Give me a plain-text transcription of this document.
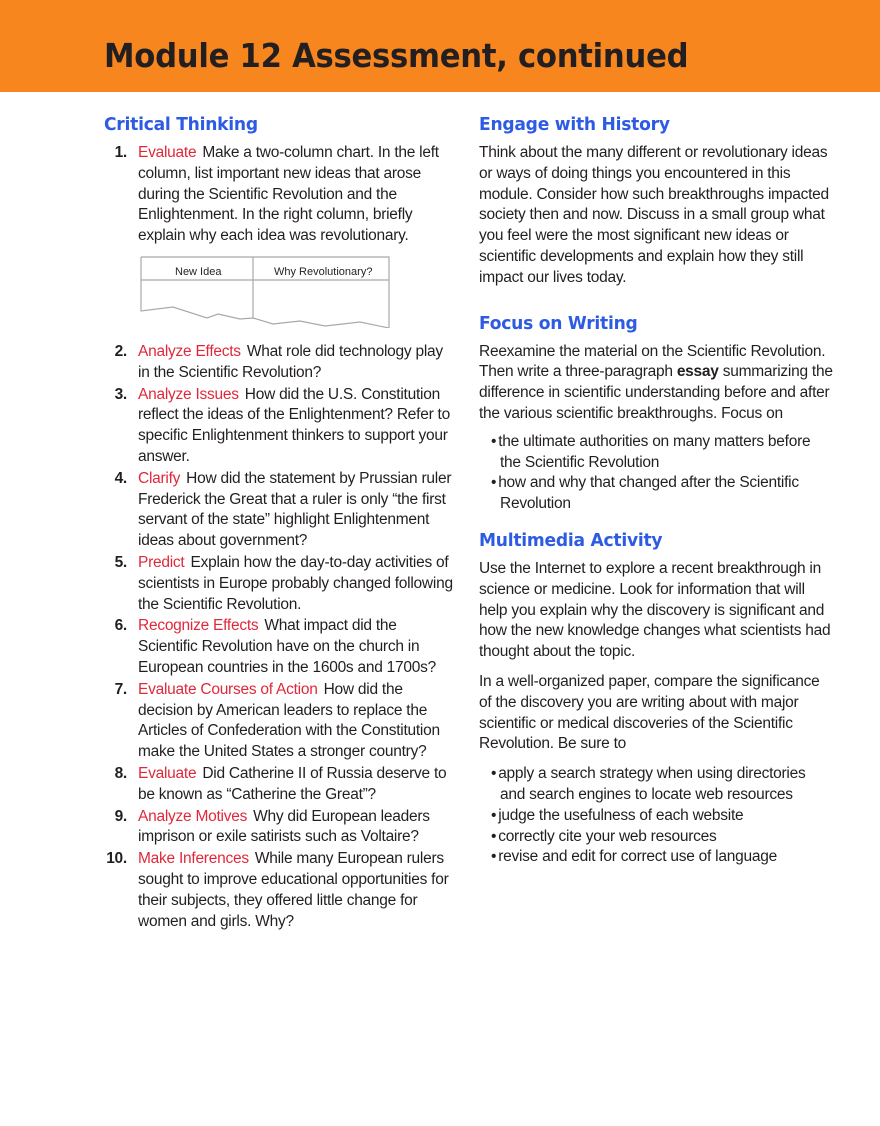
Module 12 Assessment, continued
Critical Thinking
1. Evaluate Make a two-column chart. In the left column, list important new ideas that arose during the Scientific Revolution and the Enlightenment. In the right column, briefly explain why each idea was revolutionary.
New Idea	Why Revolutionary?
2. Analyze Effects What role did technology play in the Scientific Revolution?
3. Analyze Issues How did the U.S. Constitution reflect the ideas of the Enlightenment? Refer to specific Enlightenment thinkers to support your answer.
4. Clarify How did the statement by Prussian ruler Frederick the Great that a ruler is only “the first servant of the state” highlight Enlightenment ideas about government?
5. Predict Explain how the day-to-day activities of scientists in Europe probably changed following the Scientific Revolution.
6. Recognize Effects What impact did the Scientific Revolution have on the church in European countries in the 1600s and 1700s?
7. Evaluate Courses of Action How did the decision by American leaders to replace the Articles of Confederation with the Constitution make the United States a stronger country?
8. Evaluate Did Catherine II of Russia deserve to be known as “Catherine the Great”?
9. Analyze Motives Why did European leaders imprison or exile satirists such as Voltaire?
10. Make Inferences While many European rulers sought to improve educational opportunities for their subjects, they offered little change for women and girls. Why?
Engage with History

Think about the many different or revolutionary ideas or ways of doing things you encountered in this module. Consider how such breakthroughs impacted society then and now. Discuss in a small group what you feel were the most significant new ideas or scientific developments and explain how they still impact our lives today.

Focus on Writing

Reexamine the material on the Scientific Revolution. Then write a three-paragraph essay summarizing the difference in scientific understanding before and after the various scientific breakthroughs. Focus on

• the ultimate authorities on many matters before the Scientific Revolution
• how and why that changed after the Scientific Revolution
Multimedia Activity

Use the Internet to explore a recent breakthrough in science or medicine. Look for information that will help you explain why the discovery is significant and how the new knowledge changes what scientists had thought about the topic.

In a well-organized paper, compare the significance of the discovery you are writing about with major scientific or medical discoveries of the Scientific Revolution. Be sure to

• apply a search strategy when using directories and search engines to locate web resources
• judge the usefulness of each website
• correctly cite your web resources
• revise and edit for correct use of language
